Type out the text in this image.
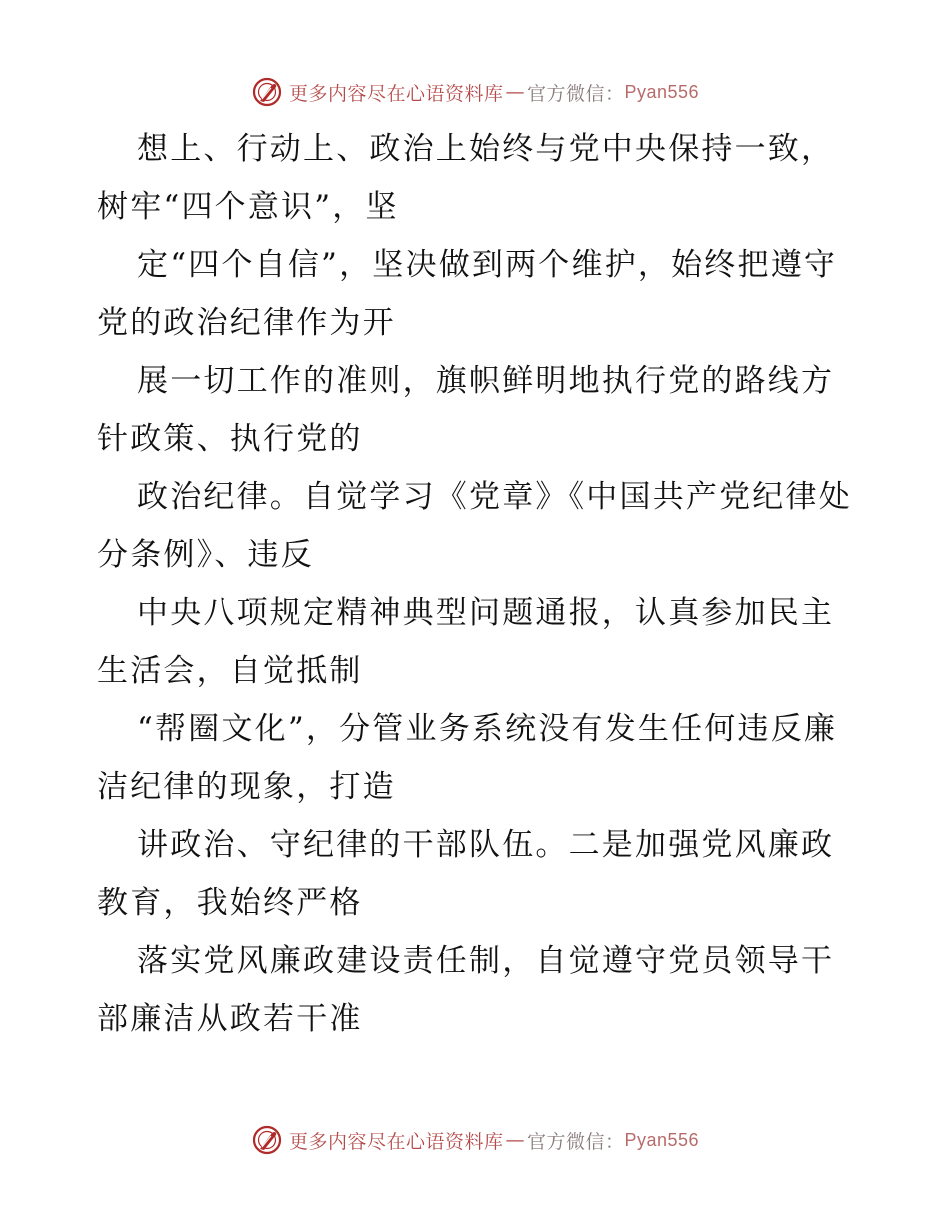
更多内容尽在心语资料库 — 官方微信： Pyan556

想上、行动上、政治上始终与党中央保持一致，树牢“四个意识”，坚

定“四个自信”，坚决做到两个维护，始终把遵守党的政治纪律作为开

展一切工作的准则，旗帜鲜明地执行党的路线方针政策、执行党的

政治纪律。自觉学习《党章》《中国共产党纪律处分条例》、违反

中央八项规定精神典型问题通报，认真参加民主生活会，自觉抵制

“帮圈文化”，分管业务系统没有发生任何违反廉洁纪律的现象，打造

讲政治、守纪律的干部队伍。二是加强党风廉政教育，我始终严格

落实党风廉政建设责任制，自觉遵守党员领导干部廉洁从政若干准

更多内容尽在心语资料库 — 官方微信： Pyan556
